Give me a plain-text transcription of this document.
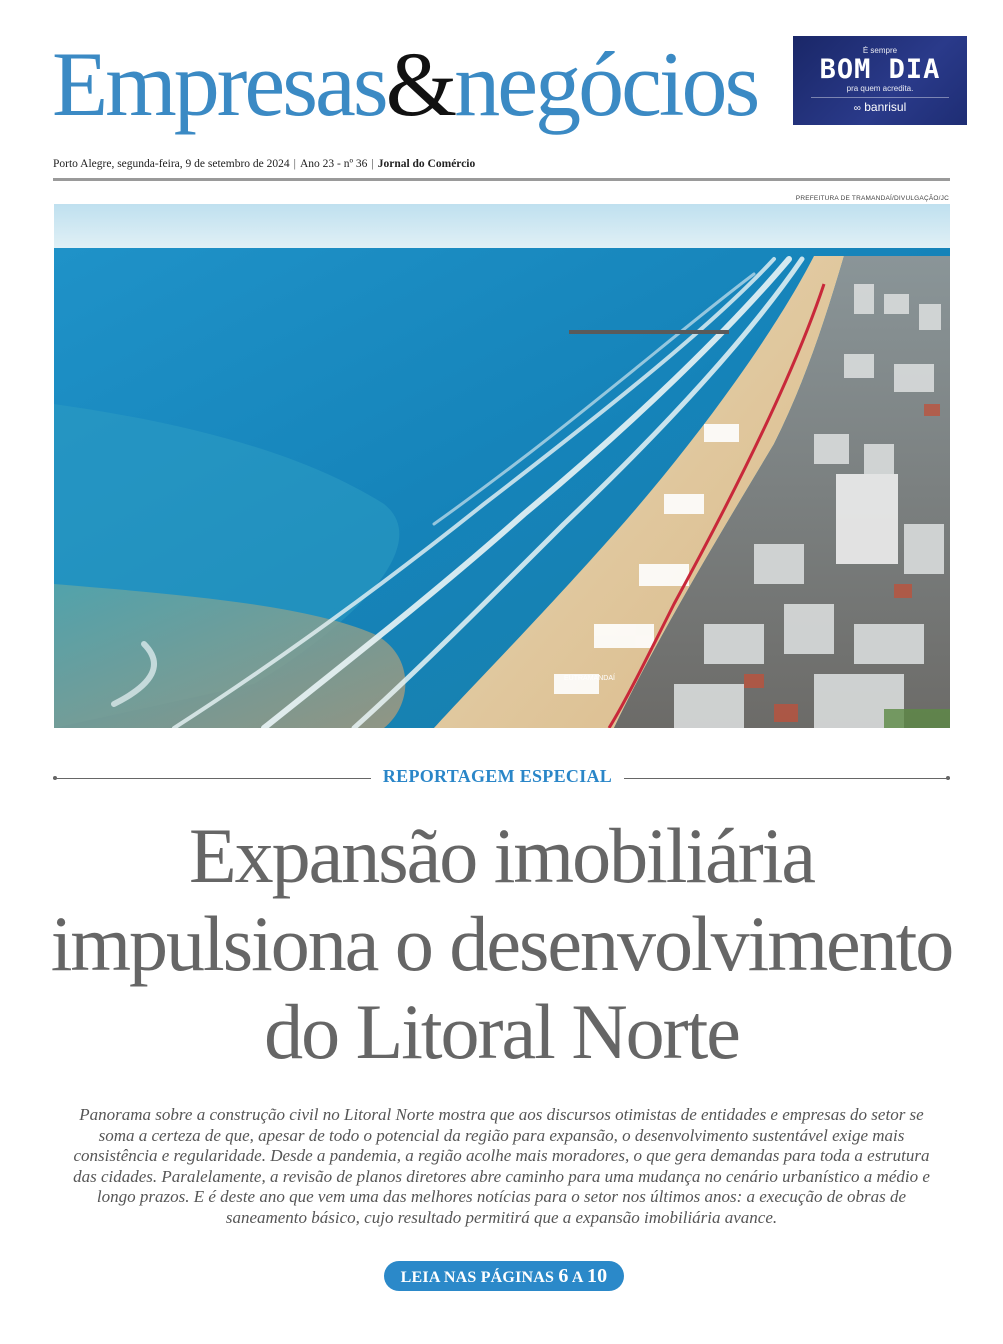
Empresas&negócios	É sempre
BOM DIA
pra quem acredita.
∞ banrisul
Porto Alegre, segunda-feira, 9 de setembro de 2024 | Ano 23 - nº 36 | Jornal do Comércio
PREFEITURA DE TRAMANDAÍ/DIVULGAÇÃO/JC
EUTRAMANDAÍ
REPORTAGEM ESPECIAL
Expansão imobiliária
impulsiona o desenvolvimento
do Litoral Norte
Panorama sobre a construção civil no Litoral Norte mostra que aos discursos otimistas de entidades e empresas do setor se soma a certeza de que, apesar de todo o potencial da região para expansão, o desenvolvimento sustentável exige mais consistência e regularidade. Desde a pandemia, a região acolhe mais moradores, o que gera demandas para toda a estrutura das cidades. Paralelamente, a revisão de planos diretores abre caminho para uma mudança no cenário urbanístico a médio e longo prazos. E é deste ano que vem uma das melhores notícias para o setor nos últimos anos: a execução de obras de saneamento básico, cujo resultado permitirá que a expansão imobiliária avance.
LEIA NAS PÁGINAS 6 A 10
